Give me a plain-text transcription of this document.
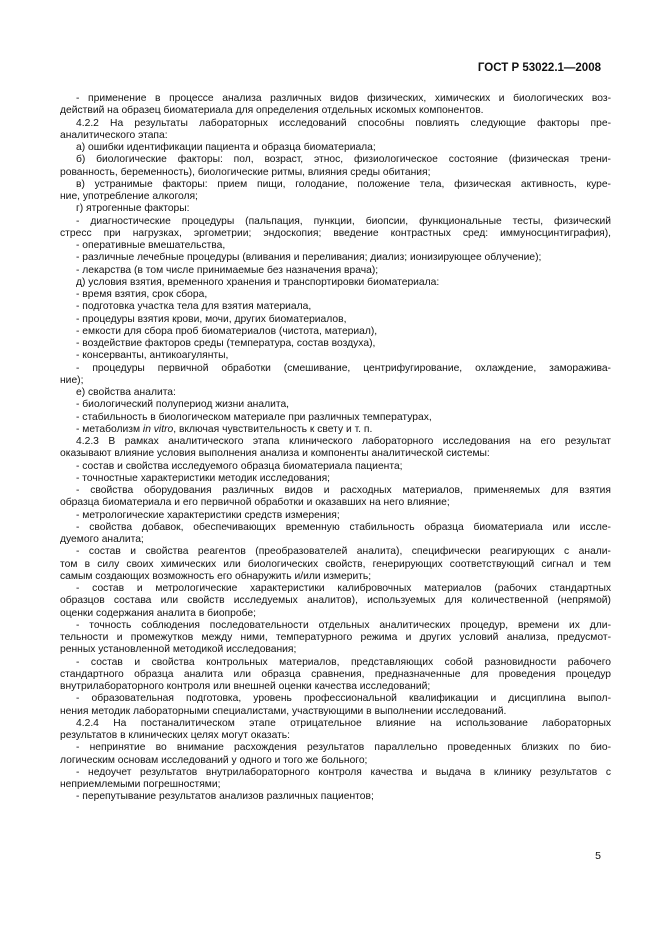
ГОСТ Р 53022.1—2008
- применение в процессе анализа различных видов физических, химических и биологических воз-
действий на образец биоматериала для определения отдельных искомых компонентов.
4.2.2 На результаты лабораторных исследований способны повлиять следующие факторы пре-
аналитического этапа:
а) ошибки идентификации пациента и образца биоматериала;
б) биологические факторы: пол, возраст, этнос, физиологическое состояние (физическая трени-
рованность, беременность), биологические ритмы, влияния среды обитания;
в) устранимые факторы: прием пищи, голодание, положение тела, физическая активность, куре-
ние, употребление алкоголя;
г) ятрогенные факторы:
- диагностические процедуры (пальпация, пункции, биопсии, функциональные тесты, физический
стресс при нагрузках, эргометрии; эндоскопия; введение контрастных сред: иммуносцинтиграфия),
- оперативные вмешательства,
- различные лечебные процедуры (вливания и переливания; диализ; ионизирующее облучение);
- лекарства (в том числе принимаемые без назначения врача);
д) условия взятия, временного хранения и транспортировки биоматериала:
- время взятия, срок сбора,
- подготовка участка тела для взятия материала,
- процедуры взятия крови, мочи, других биоматериалов,
- емкости для сбора проб биоматериалов (чистота, материал),
- воздействие факторов среды (температура, состав воздуха),
- консерванты, антикоагулянты,
- процедуры первичной обработки (смешивание, центрифугирование, охлаждение, заморажива-
ние);
е) свойства аналита:
- биологический полупериод жизни аналита,
- стабильность в биологическом материале при различных температурах,
- метаболизм in vitro, включая чувствительность к свету и т. п.
4.2.3 В рамках аналитического этапа клинического лабораторного исследования на его результат
оказывают влияние условия выполнения анализа и компоненты аналитической системы:
- состав и свойства исследуемого образца биоматериала пациента;
- точностные характеристики методик исследования;
- свойства оборудования различных видов и расходных материалов, применяемых для взятия
образца биоматериала и его первичной обработки и оказавших на него влияние;
- метрологические характеристики средств измерения;
- свойства добавок, обеспечивающих временную стабильность образца биоматериала или иссле-
дуемого аналита;
- состав и свойства реагентов (преобразователей аналита), специфически реагирующих с анали-
том в силу своих химических или биологических свойств, генерирующих соответствующий сигнал и тем
самым создающих возможность его обнаружить и/или измерить;
- состав и метрологические характеристики калибровочных материалов (рабочих стандартных
образцов состава или свойств исследуемых аналитов), используемых для количественной (непрямой)
оценки содержания аналита в биопробе;
- точность соблюдения последовательности отдельных аналитических процедур, времени их дли-
тельности и промежутков между ними, температурного режима и других условий анализа, предусмот-
ренных установленной методикой исследования;
- состав и свойства контрольных материалов, представляющих собой разновидности рабочего
стандартного образца аналита или образца сравнения, предназначенные для проведения процедур
внутрилабораторного контроля или внешней оценки качества исследований;
- образовательная подготовка, уровень профессиональной квалификации и дисциплина выпол-
нения методик лабораторными специалистами, участвующими в выполнении исследований.
4.2.4 На постаналитическом этапе отрицательное влияние на использование лабораторных
результатов в клинических целях могут оказать:
- непринятие во внимание расхождения результатов параллельно проведенных близких по био-
логическим основам исследований у одного и того же больного;
- недоучет результатов внутрилабораторного контроля качества и выдача в клинику результатов с
неприемлемыми погрешностями;
- перепутывание результатов анализов различных пациентов;
5
